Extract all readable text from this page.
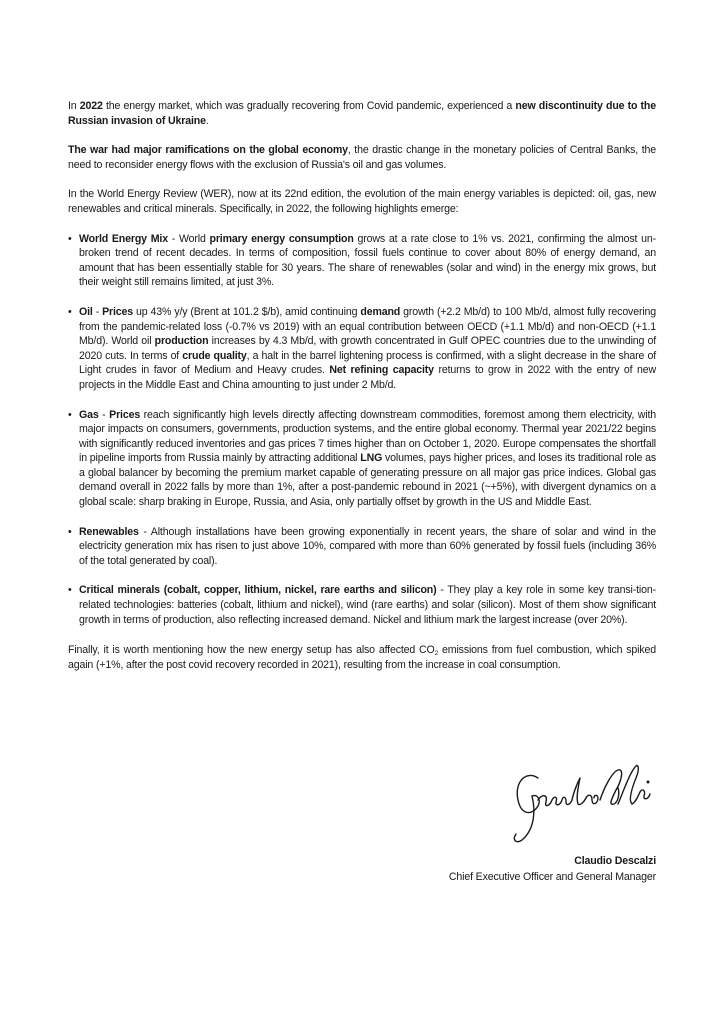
In 2022 the energy market, which was gradually recovering from Covid pandemic, experienced a new discontinuity due to the Russian invasion of Ukraine.

The war had major ramifications on the global economy, the drastic change in the monetary policies of Central Banks, the need to reconsider energy flows with the exclusion of Russia's oil and gas volumes.

In the World Energy Review (WER), now at its 22nd edition, the evolution of the main energy variables is depicted: oil, gas, new renewables and critical minerals. Specifically, in 2022, the following highlights emerge:

• World Energy Mix - World primary energy consumption grows at a rate close to 1% vs. 2021, confirming the almost un-broken trend of recent decades. In terms of composition, fossil fuels continue to cover about 80% of energy demand, an amount that has been essentially stable for 30 years. The share of renewables (solar and wind) in the energy mix grows, but their weight still remains limited, at just 3%.
• Oil - Prices up 43% y/y (Brent at 101.2 $/b), amid continuing demand growth (+2.2 Mb/d) to 100 Mb/d, almost fully recovering from the pandemic-related loss (-0.7% vs 2019) with an equal contribution between OECD (+1.1 Mb/d) and non-OECD (+1.1 Mb/d). World oil production increases by 4.3 Mb/d, with growth concentrated in Gulf OPEC countries due to the unwinding of 2020 cuts. In terms of crude quality, a halt in the barrel lightening process is confirmed, with a slight decrease in the share of Light crudes in favor of Medium and Heavy crudes. Net refining capacity returns to grow in 2022 with the entry of new projects in the Middle East and China amounting to just under 2 Mb/d.
• Gas - Prices reach significantly high levels directly affecting downstream commodities, foremost among them electricity, with major impacts on consumers, governments, production systems, and the entire global economy. Thermal year 2021/22 begins with significantly reduced inventories and gas prices 7 times higher than on October 1, 2020. Europe compensates the shortfall in pipeline imports from Russia mainly by attracting additional LNG volumes, pays higher prices, and loses its traditional role as a global balancer by becoming the premium market capable of generating pressure on all major gas price indices. Global gas demand overall in 2022 falls by more than 1%, after a post-pandemic rebound in 2021 (~+5%), with divergent dynamics on a global scale: sharp braking in Europe, Russia, and Asia, only partially offset by growth in the US and Middle East.
• Renewables - Although installations have been growing exponentially in recent years, the share of solar and wind in the electricity generation mix has risen to just above 10%, compared with more than 60% generated by fossil fuels (including 36% of the total generated by coal).
• Critical minerals (cobalt, copper, lithium, nickel, rare earths and silicon) - They play a key role in some key transi-tion-related technologies: batteries (cobalt, lithium and nickel), wind (rare earths) and solar (silicon). Most of them show significant growth in terms of production, also reflecting increased demand. Nickel and lithium mark the largest increase (over 20%).

Finally, it is worth mentioning how the new energy setup has also affected $CO_2$ emissions from fuel combustion, which spiked again (+1%, after the post covid recovery recorded in 2021), resulting from the increase in coal consumption.

Claudio Descalzi
Chief Executive Officer and General Manager
